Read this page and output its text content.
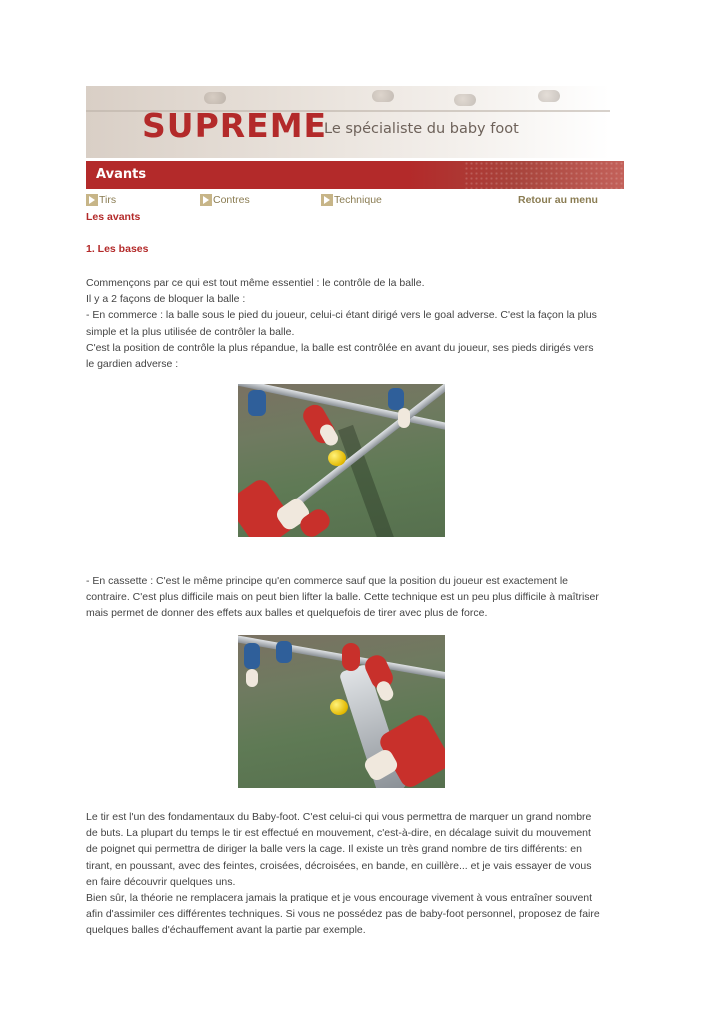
SUPREME
Le spécialiste du baby foot
Avants
Tirs	Contres	Technique	Retour au menu
Les avants
1. Les bases
Commençons par ce qui est tout même essentiel : le contrôle de la balle.
Il y a 2 façons de bloquer la balle :
- En commerce : la balle sous le pied du joueur, celui-ci étant dirigé vers le goal adverse. C'est la façon la plus
simple et la plus utilisée de contrôler la balle.
C'est la position de contrôle la plus répandue, la balle est contrôlée en avant du joueur, ses pieds dirigés vers
le gardien adverse :
- En cassette : C'est le même principe qu'en commerce sauf que la position du joueur est exactement le
contraire. C'est plus difficile mais on peut bien lifter la balle. Cette technique est un peu plus difficile à maîtriser
mais permet de donner des effets aux balles et quelquefois de tirer avec plus de force.
Le tir est l'un des fondamentaux du Baby-foot. C'est celui-ci qui vous permettra de marquer un grand nombre
de buts. La plupart du temps le tir est effectué en mouvement, c'est-à-dire, en décalage suivit du mouvement
de poignet qui permettra de diriger la balle vers la cage. Il existe un très grand nombre de tirs différents: en
tirant, en poussant, avec des feintes, croisées, décroisées, en bande, en cuillère... et je vais essayer de vous
en faire découvrir quelques uns.
Bien sûr, la théorie ne remplacera jamais la pratique et je vous encourage vivement à vous entraîner souvent
afin d'assimiler ces différentes techniques. Si vous ne possédez pas de baby-foot personnel, proposez de faire
quelques balles d'échauffement avant la partie par exemple.
